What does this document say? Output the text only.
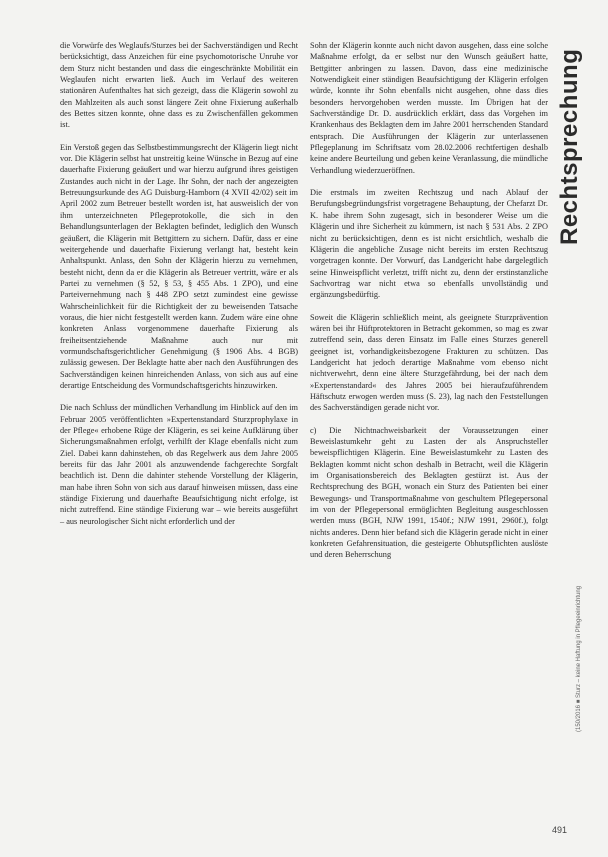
die Vorwürfe des Weglaufs/Sturzes bei der Sachverständigen und Recht berücksichtigt, dass Anzeichen für eine psychomotorische Unruhe vor dem Sturz nicht bestanden und dass die eingeschränkte Mobilität ein Weglaufen nicht erwarten ließ. Auch im Verlauf des weiteren stationären Aufenthaltes hat sich gezeigt, dass die Klägerin sowohl zu den Mahlzeiten als auch sonst längere Zeit ohne Fixierung außerhalb des Bettes sitzen konnte, ohne dass es zu Zwischenfällen gekommen ist.

Ein Verstoß gegen das Selbstbestimmungsrecht der Klägerin liegt nicht vor. Die Klägerin selbst hat unstreitig keine Wünsche in Bezug auf eine dauerhafte Fixierung geäußert und war hierzu aufgrund ihres geistigen Zustandes auch nicht in der Lage. Ihr Sohn, der nach der angezeigten Betreuungsurkunde des AG Duisburg-Hamborn (4 XVII 42/02) seit im April 2002 zum Betreuer bestellt worden ist, hat ausweislich der von ihm unterzeichneten Pflegeprotokolle, die sich in den Behandlungsunterlagen der Beklagten befindet, lediglich den Wunsch geäußert, die Klägerin mit Bettgittern zu sichern. Dafür, dass er eine weitergehende und dauerhafte Fixierung verlangt hat, besteht kein Anhaltspunkt. Anlass, den Sohn der Klägerin hierzu zu vernehmen, besteht nicht, denn da er die Klägerin als Betreuer vertritt, wäre er als Partei zu vernehmen (§ 52, § 53, § 455 Abs. 1 ZPO), und eine Parteivernehmung nach § 448 ZPO setzt zumindest eine gewisse Wahrscheinlichkeit für die Richtigkeit der zu beweisenden Tatsache voraus, die hier nicht festgestellt werden kann. Zudem wäre eine ohne konkreten Anlass vorgenommene dauerhafte Fixierung als freiheitsentziehende Maßnahme auch nur mit vormundschaftsgerichtlicher Genehmigung (§ 1906 Abs. 4 BGB) zulässig gewesen. Der Beklagte hatte aber nach den Ausführungen des Sachverständigen keinen hinreichenden Anlass, von sich aus auf eine derartige Entscheidung des Vormundschaftsgerichts hinzuwirken.

Die nach Schluss der mündlichen Verhandlung im Hinblick auf den im Februar 2005 veröffentlichten »Expertenstandard Sturzprophylaxe in der Pflege« erhobene Rüge der Klägerin, es sei keine Aufklärung über Sicherungsmaßnahmen erfolgt, verhilft der Klage ebenfalls nicht zum Ziel. Dabei kann dahinstehen, ob das Regelwerk aus dem Jahre 2005 bereits für das Jahr 2001 als anzuwendende fachgerechte Sorgfalt beachtlich ist. Denn die dahinter stehende Vorstellung der Klägerin, man habe ihren Sohn von sich aus darauf hinweisen müssen, dass eine ständige Fixierung und dauerhafte Beaufsichtigung nicht erfolge, ist nicht zutreffend. Eine ständige Fixierung war – wie bereits ausgeführt – aus neurologischer Sicht nicht erforderlich und der

Sohn der Klägerin konnte auch nicht davon ausgehen, dass eine solche Maßnahme erfolgt, da er selbst nur den Wunsch geäußert hatte, Bettgitter anbringen zu lassen. Davon, dass eine medizinische Notwendigkeit einer ständigen Beaufsichtigung der Klägerin erfolgen würde, konnte ihr Sohn ebenfalls nicht ausgehen, ohne dass dies besonders hervorgehoben werden musste. Im Übrigen hat der Sachverständige Dr. D. ausdrücklich erklärt, dass das Vorgehen im Krankenhaus des Beklagten dem im Jahre 2001 herrschenden Standard entsprach. Die Ausführungen der Klägerin zur unterlassenen Pflegeplanung im Schriftsatz vom 28.02.2006 rechtfertigen deshalb keine andere Beurteilung und geben keine Veranlassung, die mündliche Verhandlung wiederzueröffnen.

Die erstmals im zweiten Rechtszug und nach Ablauf der Berufungsbegründungsfrist vorgetragene Behauptung, der Chefarzt Dr. K. habe ihrem Sohn zugesagt, sich in besonderer Weise um die Klägerin und ihre Sicherheit zu kümmern, ist nach § 531 Abs. 2 ZPO nicht zu berücksichtigen, denn es ist nicht ersichtlich, weshalb die Klägerin die angebliche Zusage nicht bereits im ersten Rechtszug vorgetragen konnte. Der Vorwurf, das Landgericht habe dargelegtlich seine Hinweispflicht verletzt, trifft nicht zu, denn der erstinstanzliche Sachvortrag war nicht etwa so ebenfalls unvollständig und ergänzungsbedürftig.

Soweit die Klägerin schließlich meint, als geeignete Sturzprävention wären bei ihr Hüftprotektoren in Betracht gekommen, so mag es zwar zutreffend sein, dass deren Einsatz im Falle eines Sturzes generell geeignet ist, vorhandigkeitsbezogene Frakturen zu schützen. Das Landgericht hat jedoch derartige Maßnahme vom ebenso nicht nichtverwehrt, denn eine ältere Sturzgefährdung, bei der nach dem »Expertenstandard« des Jahres 2005 bei hieraufzuführendem Häftschutz erwogen werden muss (S. 23), lag nach den Feststellungen des Sachverständigen gerade nicht vor.

c) Die Nichtnachweisbarkeit der Voraussetzungen einer Beweislastumkehr geht zu Lasten der als Anspruchsteller beweispflichtigen Klägerin. Eine Beweislastumkehr zu Lasten des Beklagten kommt nicht schon deshalb in Betracht, weil die Klägerin im Organisationsbereich des Beklagten gestürzt ist. Aus der Rechtsprechung des BGH, wonach ein Sturz des Patienten bei einer Bewegungs- und Transportmaßnahme von geschultem Pflegepersonal im von der Pflegepersonal ermöglichten Begleitung ausgeschlossen werden muss (BGH, NJW 1991, 1540f.; NJW 1991, 2960f.), folgt nichts anderes. Denn hier befand sich die Klägerin gerade nicht in einer konkreten Gefahrensituation, die gesteigerte Obhutspflichten auslöste und deren Beherrschung

Rechtsprechung
(150/2016 ■ Sturz – keine Haftung in Pflegeeinrichtung
491
